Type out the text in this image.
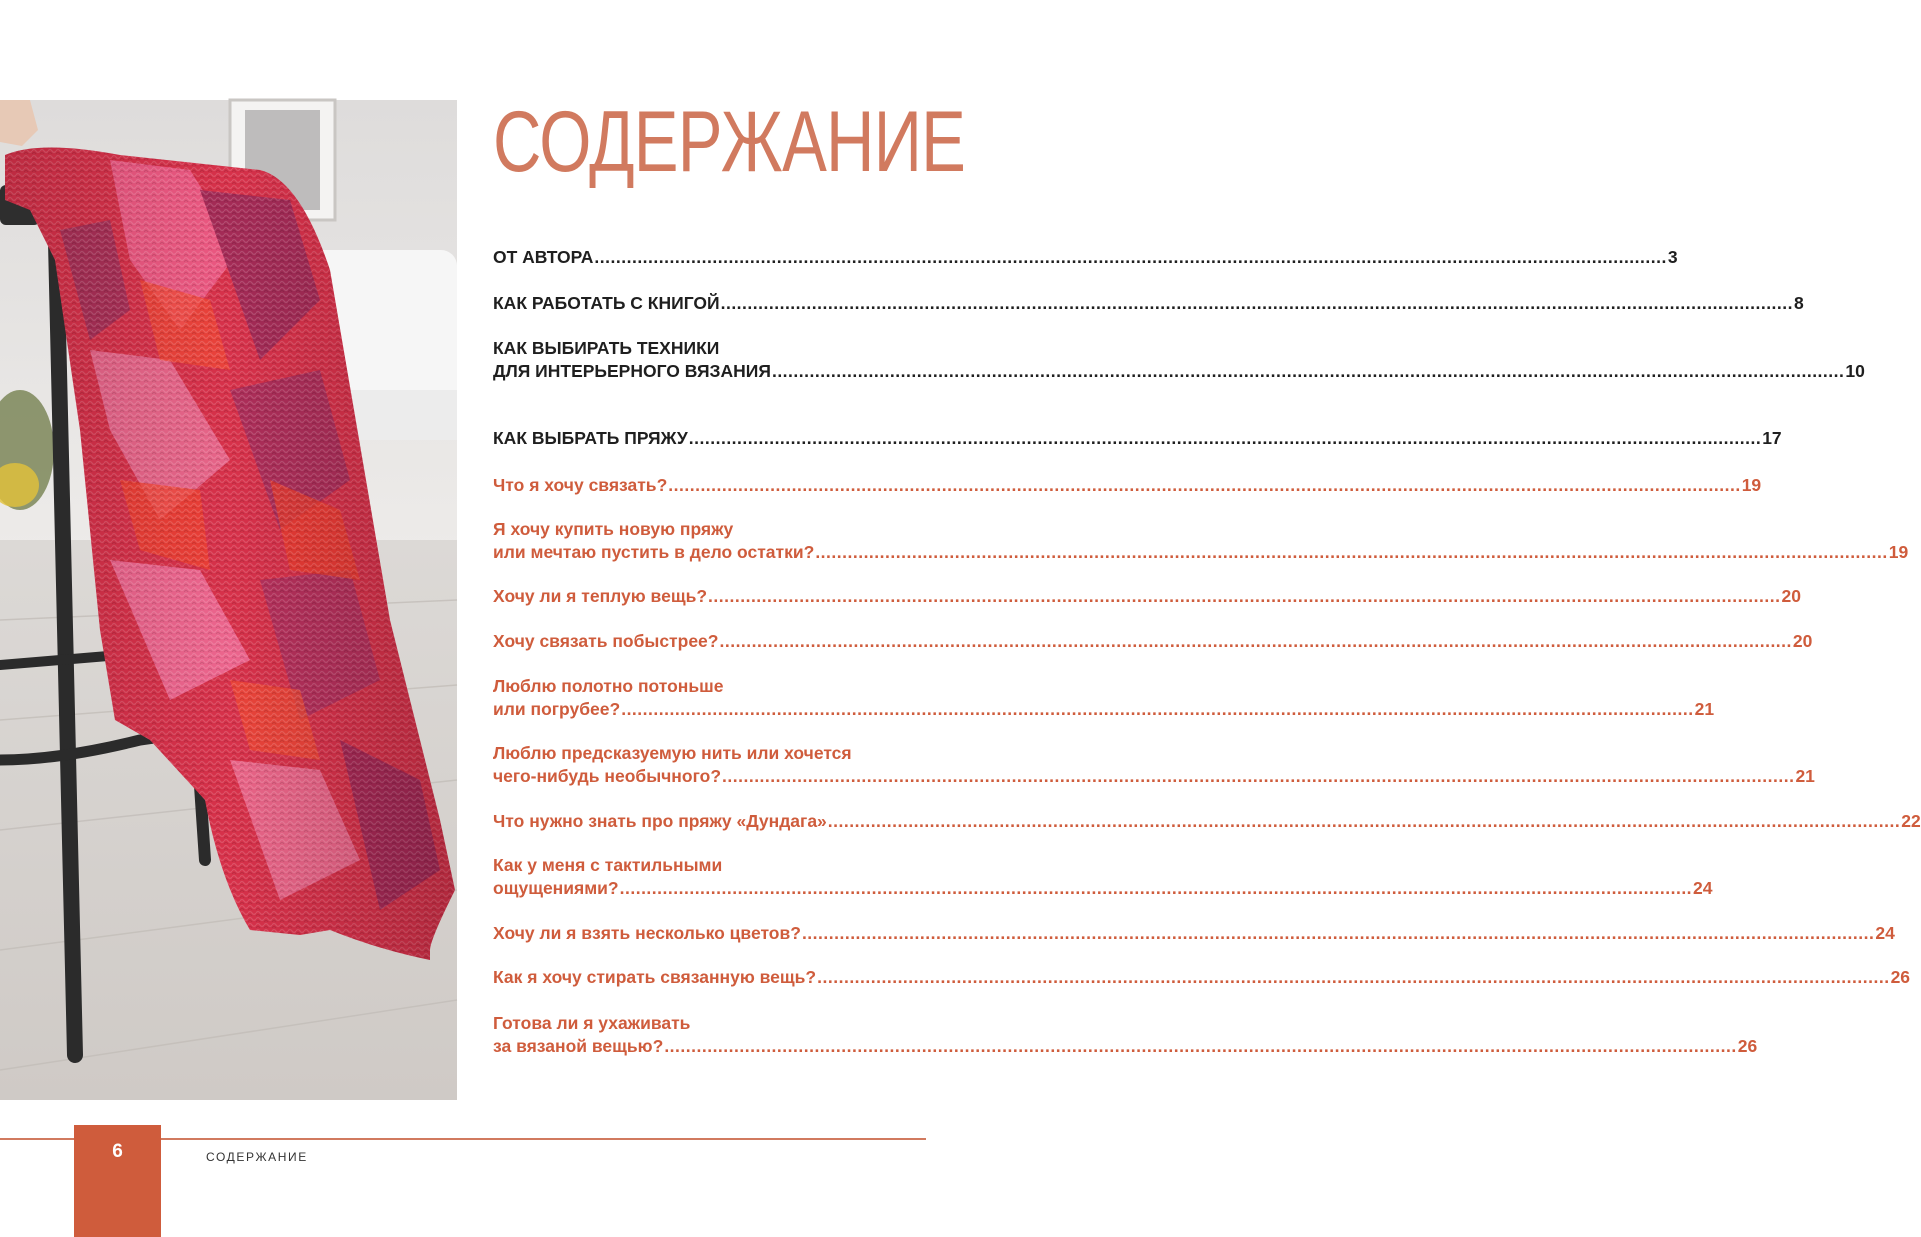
СОДЕРЖАНИЕ
ОТ АВТОРА ........................................................................................................................................................................................................ 3
КАК РАБОТАТЬ С КНИГОЙ ........................................................................................................................................................................................................ 8
КАК ВЫБИРАТЬ ТЕХНИКИ
ДЛЯ ИНТЕРЬЕРНОГО ВЯЗАНИЯ ........................................................................................................................................................................................................ 10
КАК ВЫБРАТЬ ПРЯЖУ ........................................................................................................................................................................................................ 17
Что я хочу связать? ........................................................................................................................................................................................................ 19
Я хочу купить новую пряжу
или мечтаю пустить в дело остатки? ........................................................................................................................................................................................................ 19
Хочу ли я теплую вещь? ........................................................................................................................................................................................................ 20
Хочу связать побыстрее? ........................................................................................................................................................................................................ 20
Люблю полотно потоньше
или погрубее? ........................................................................................................................................................................................................ 21
Люблю предсказуемую нить или хочется
чего-нибудь необычного? ........................................................................................................................................................................................................ 21
Что нужно знать про пряжу «Дундага» ........................................................................................................................................................................................................ 22
Как у меня с тактильными
ощущениями? ........................................................................................................................................................................................................ 24
Хочу ли я взять несколько цветов? ........................................................................................................................................................................................................ 24
Как я хочу стирать связанную вещь? ........................................................................................................................................................................................................ 26
Готова ли я ухаживать
за вязаной вещью? ........................................................................................................................................................................................................ 26
6	СОДЕРЖАНИЕ
